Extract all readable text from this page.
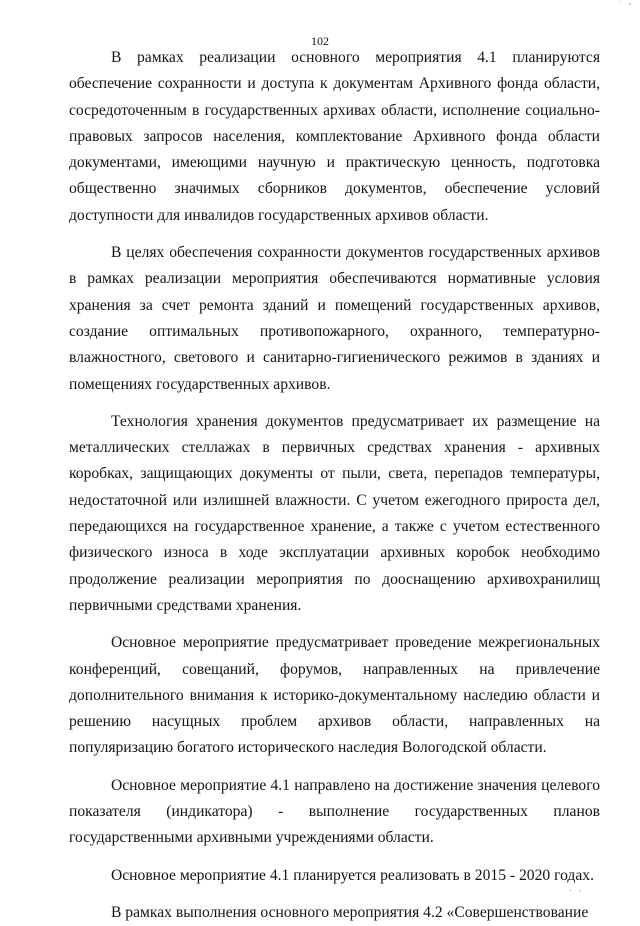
' ,
102

В рамках реализации основного мероприятия 4.1 планируются обеспечение сохранности и доступа к документам Архивного фонда области, сосредоточенным в государственных архивах области, исполнение социально-правовых запросов населения, комплектование Архивного фонда области документами, имеющими научную и практическую ценность, подготовка общественно значимых сборников документов, обеспечение условий доступности для инвалидов государственных архивов области.

В целях обеспечения сохранности документов государственных архивов в рамках реализации мероприятия обеспечиваются нормативные условия хранения за счет ремонта зданий и помещений государственных архивов, создание оптимальных противопожарного, охранного, температурно-влажностного, светового и санитарно-гигиенического режимов в зданиях и помещениях государственных архивов.

Технология хранения документов предусматривает их размещение на металлических стеллажах в первичных средствах хранения - архивных коробках, защищающих документы от пыли, света, перепадов температуры, недостаточной или излишней влажности. С учетом ежегодного прироста дел, передающихся на государственное хранение, а также с учетом естественного физического износа в ходе эксплуатации архивных коробок необходимо продолжение реализации мероприятия по дооснащению архивохранилищ первичными средствами хранения.

Основное мероприятие предусматривает проведение межрегиональных конференций, совещаний, форумов, направленных на привлечение дополнительного внимания к историко-документальному наследию области и решению насущных проблем архивов области, направленных на популяризацию богатого исторического наследия Вологодской области.

Основное мероприятие 4.1 направлено на достижение значения целевого показателя (индикатора) - выполнение государственных планов государственными архивными учреждениями области.

Основное мероприятие 4.1 планируется реализовать в 2015 - 2020 годах.

В рамках выполнения основного мероприятия 4.2 «Совершенствование

. ,
